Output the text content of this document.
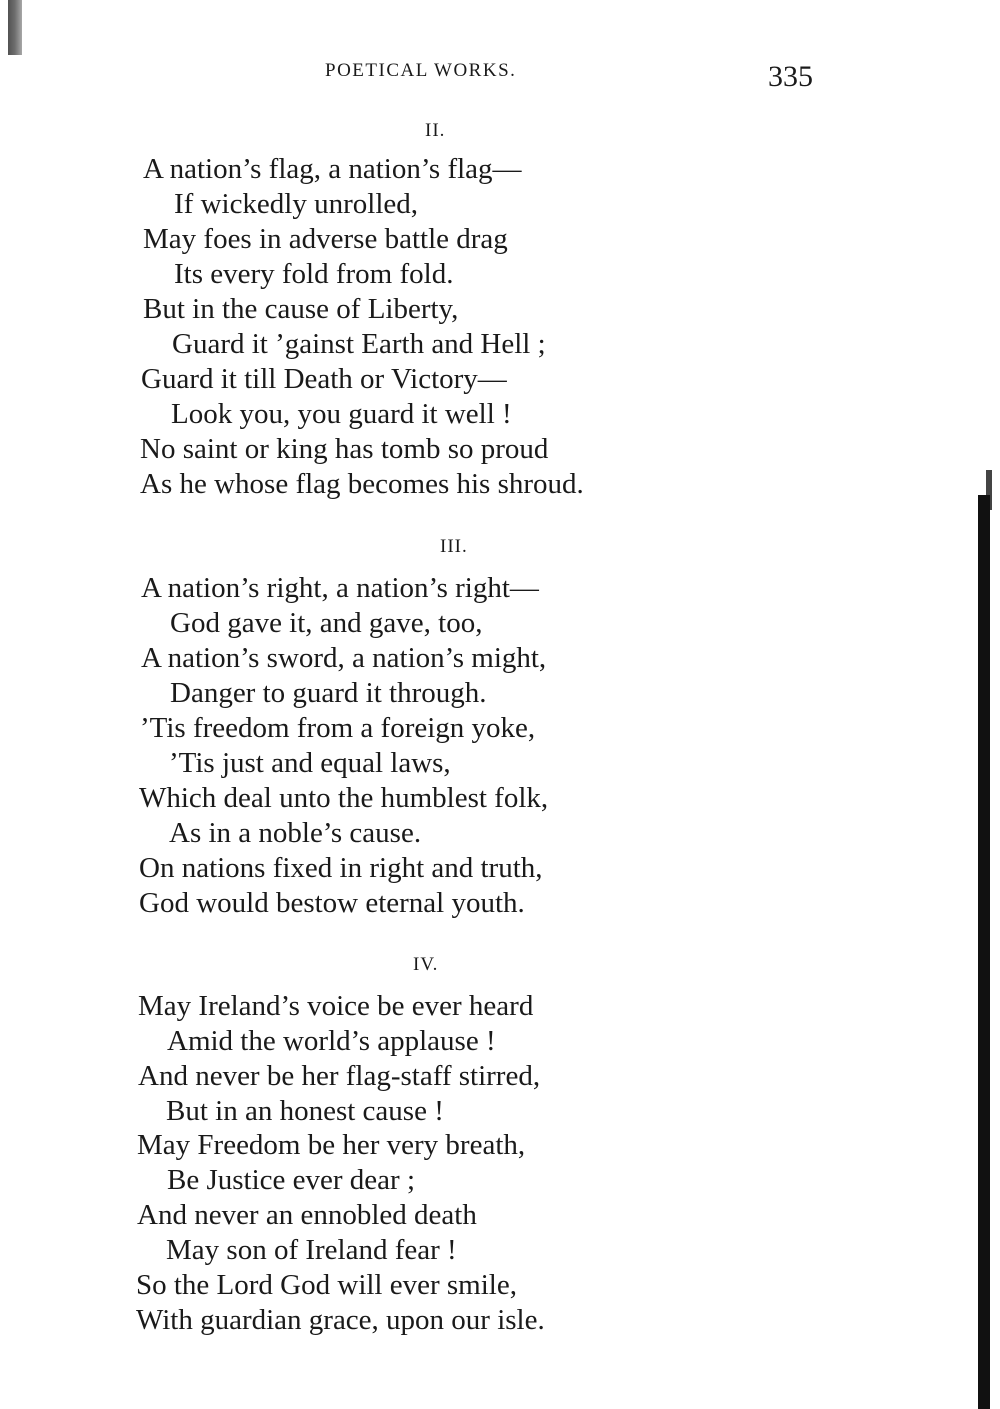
POETICAL WORKS.	335
II.
A nation’s flag, a nation’s flag—
If wickedly unrolled,
May foes in adverse battle drag
Its every fold from fold.
But in the cause of Liberty,
Guard it ’gainst Earth and Hell ;
Guard it till Death or Victory—
Look you, you guard it well !
No saint or king has tomb so proud
As he whose flag becomes his shroud.
III.
A nation’s right, a nation’s right—
God gave it, and gave, too,
A nation’s sword, a nation’s might,
Danger to guard it through.
’Tis freedom from a foreign yoke,
’Tis just and equal laws,
Which deal unto the humblest folk,
As in a noble’s cause.
On nations fixed in right and truth,
God would bestow eternal youth.
IV.
May Ireland’s voice be ever heard
Amid the world’s applause !
And never be her flag-staff stirred,
But in an honest cause !
May Freedom be her very breath,
Be Justice ever dear ;
And never an ennobled death
May son of Ireland fear !
So the Lord God will ever smile,
With guardian grace, upon our isle.
